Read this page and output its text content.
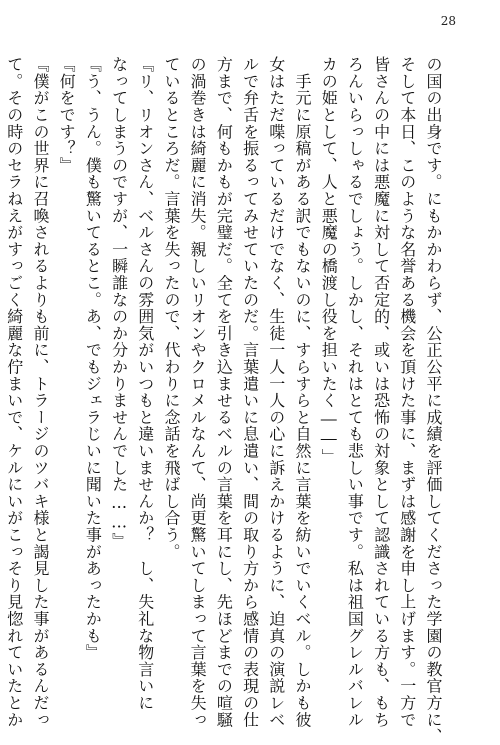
28
の国の出身です。にもかかわらず、公正公平に成績を評価してくださった学園の教官方に、
そして本日、このような名誉ある機会を頂けた事に、まずは感謝を申し上げます。一方で
皆さんの中には悪魔に対して否定的、或いは恐怖の対象として認識されている方も、もち
ろんいらっしゃるでしょう。しかし、それはとても悲しい事です。私は祖国グレルバレル
カの姫として、人と悪魔の橋渡し役を担いたく――」
　手元に原稿がある訳でもないのに、すらすらと自然に言葉を紡いでいくベル。しかも彼
女はただ喋っているだけでなく、生徒一人一人の心に訴えかけるように、迫真の演説レベ
ルで弁舌を振るってみせていたのだ。言葉遣いに息遣い、間の取り方から感情の表現の仕
方まで、何もかもが完璧だ。全てを引き込ませるベルの言葉を耳にし、先ほどまでの喧騒
の渦巻きは綺麗に消失。親しいリオンやクロメルなんて、尚更驚いてしまって言葉を失っ
ているところだ。言葉を失ったので、代わりに念話を飛ばし合う。
『リ、リオンさん、ベルさんの雰囲気がいつもと違いませんか？　し、失礼な物言いに
なってしまうのですが、一瞬誰なのか分かりませんでした……』
『う、うん。僕も驚いてるとこ。あ、でもジェラじいに聞いた事があったかも』
『何をです？』
『僕がこの世界に召喚されるよりも前に、トラージのツバキ様と謁見した事があるんだっ
て。その時のセラねえがすっごく綺麗な佇まいで、ケルにいがこっそり見惚れていたとか
